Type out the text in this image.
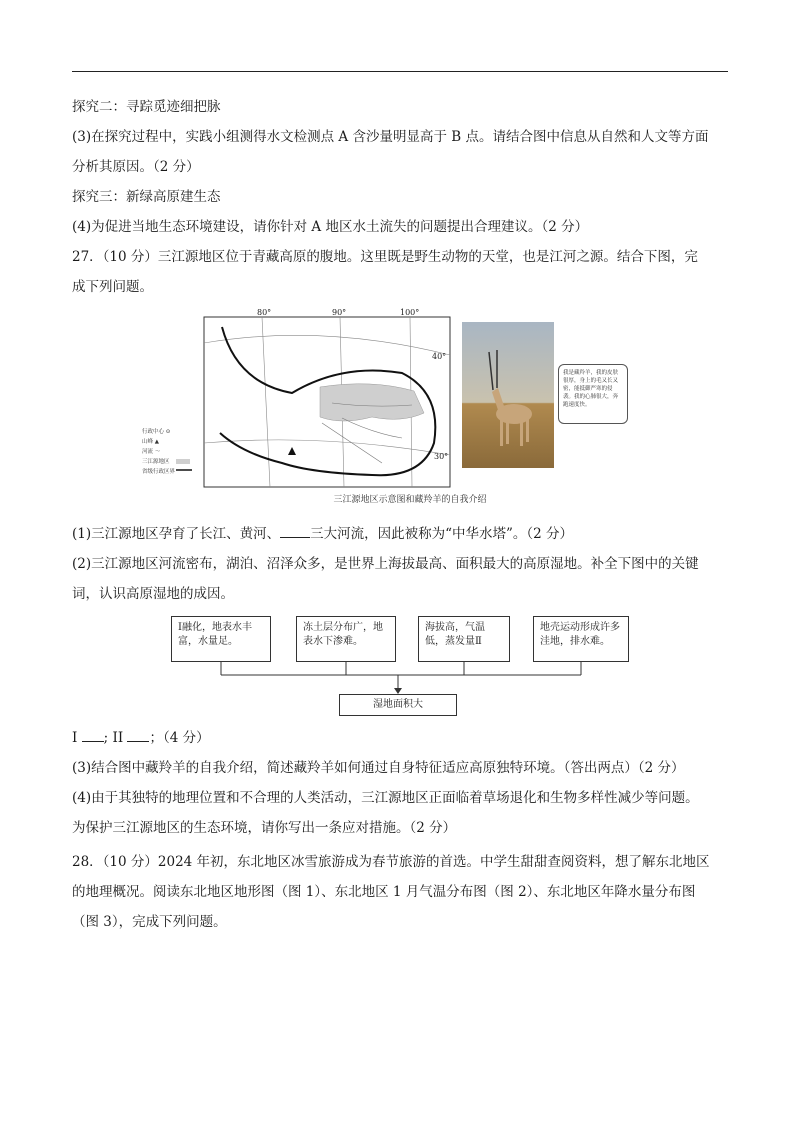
探究二：寻踪觅迹细把脉
(3)在探究过程中，实践小组测得水文检测点 A 含沙量明显高于 B 点。请结合图中信息从自然和人文等方面
分析其原因。（2 分）
探究三：新绿高原建生态
(4)为促进当地生态环境建设，请你针对 A 地区水土流失的问题提出合理建议。（2 分）
27．（10 分）三江源地区位于青藏高原的腹地。这里既是野生动物的天堂，也是江河之源。结合下图，完
成下列问题。
行政中心 ⊙
山峰 ▲
河流 ～
三江源地区
省级行政区界
80°	90°	100°
40°
30°
我是藏羚羊，我的皮肤很厚，身上的毛又长又密，能抵御严寒的侵袭。我的心肺很大，奔跑速度快。
三江源地区示意图和藏羚羊的自我介绍
(1)三江源地区孕育了长江、黄河、 三大河流，因此被称为“中华水塔”。（2 分）
(2)三江源地区河流密布，湖泊、沼泽众多，是世界上海拔最高、面积最大的高原湿地。补全下图中的关键
词，认识高原湿地的成因。
Ⅰ融化，地表水丰富，水量足。
冻土层分布广，地表水下渗难。
海拔高，气温低，蒸发量Ⅱ
地壳运动形成许多洼地，排水难。
湿地面积大
I ; II ；（4 分）
(3)结合图中藏羚羊的自我介绍，简述藏羚羊如何通过自身特征适应高原独特环境。（答出两点）（2 分）
(4)由于其独特的地理位置和不合理的人类活动，三江源地区正面临着草场退化和生物多样性减少等问题。
为保护三江源地区的生态环境，请你写出一条应对措施。（2 分）
28．（10 分）2024 年初，东北地区冰雪旅游成为春节旅游的首选。中学生甜甜查阅资料，想了解东北地区
的地理概况。阅读东北地区地形图（图 1）、东北地区 1 月气温分布图（图 2）、东北地区年降水量分布图
（图 3），完成下列问题。
